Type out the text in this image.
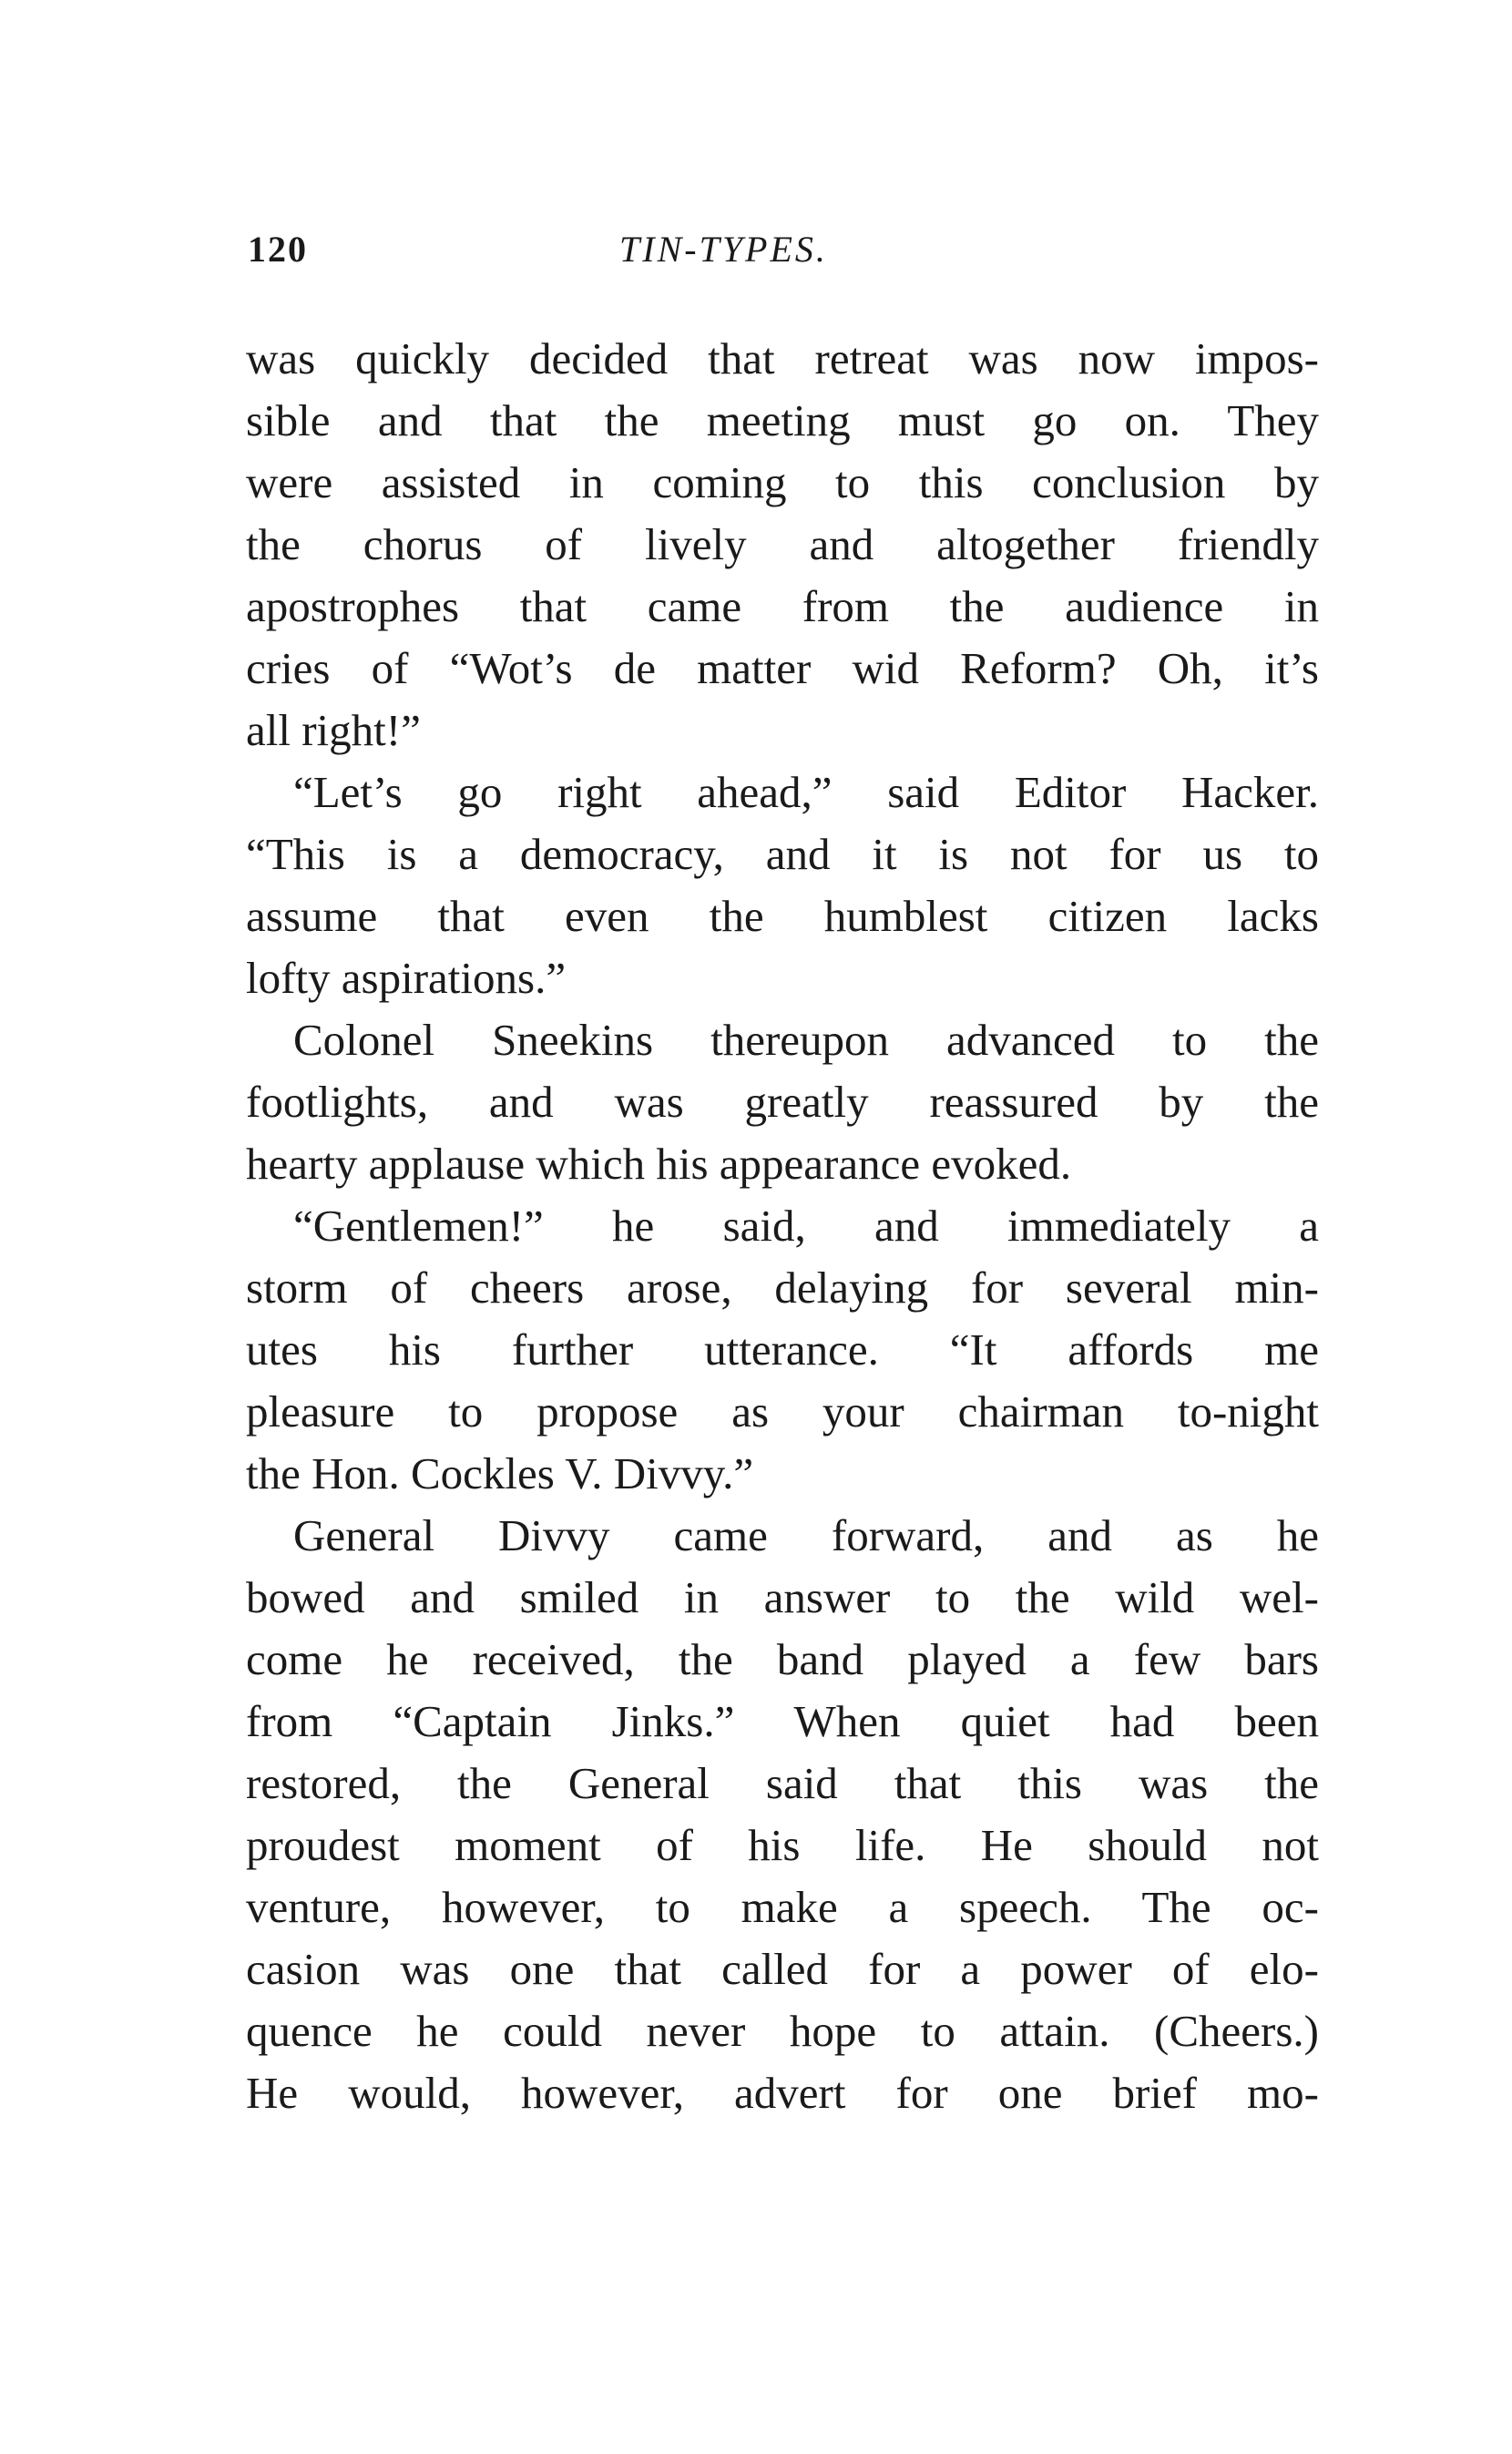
120	TIN-TYPES.
was quickly decided that retreat was now impos-
sible and that the meeting must go on. They
were assisted in coming to this conclusion by
the chorus of lively and altogether friendly
apostrophes that came from the audience in
cries of “Wot’s de matter wid Reform? Oh, it’s
all right!”
“Let’s go right ahead,” said Editor Hacker.
“This is a democracy, and it is not for us to
assume that even the humblest citizen lacks
lofty aspirations.”
Colonel Sneekins thereupon advanced to the
footlights, and was greatly reassured by the
hearty applause which his appearance evoked.
“Gentlemen!” he said, and immediately a
storm of cheers arose, delaying for several min-
utes his further utterance. “It affords me
pleasure to propose as your chairman to-night
the Hon. Cockles V. Divvy.”
General Divvy came forward, and as he
bowed and smiled in answer to the wild wel-
come he received, the band played a few bars
from “Captain Jinks.” When quiet had been
restored, the General said that this was the
proudest moment of his life. He should not
venture, however, to make a speech. The oc-
casion was one that called for a power of elo-
quence he could never hope to attain. (Cheers.)
He would, however, advert for one brief mo-
